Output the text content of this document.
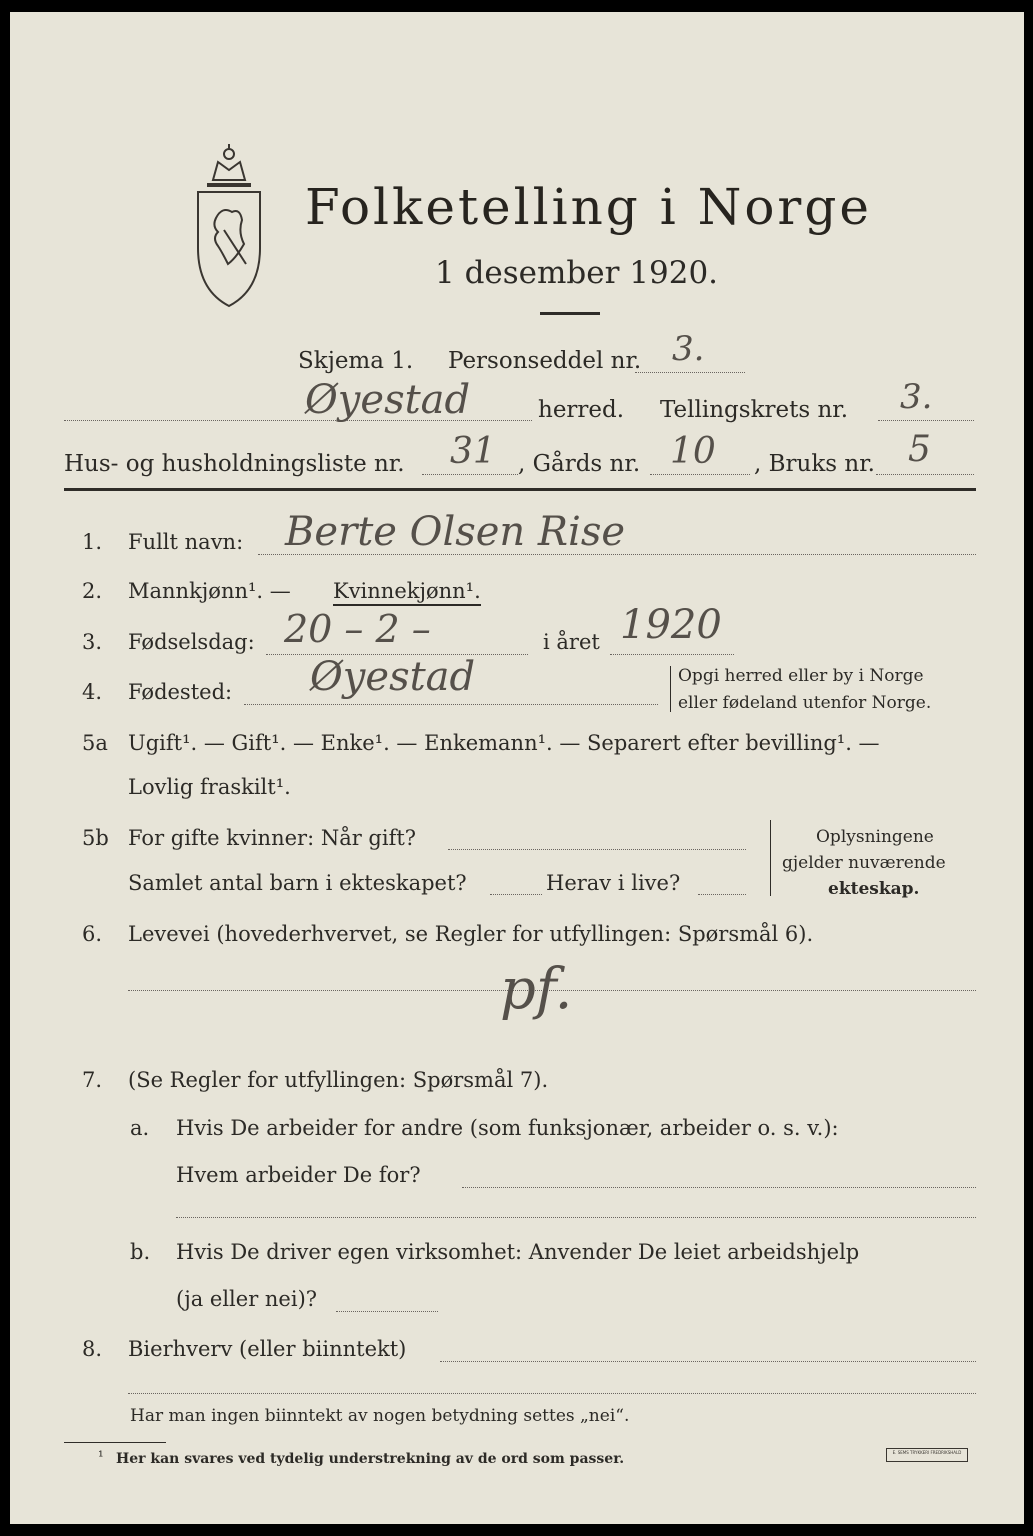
Folketelling i Norge
1 desember 1920.
Skjema 1. Personseddel nr. 3.
Øyestad	herred. Tellingskrets nr. 3.
Hus- og husholdningsliste nr. 31 , Gårds nr. 10 , Bruks nr. 5
1. Fullt navn: Berte Olsen Rise
2. Mannkjønn¹. — Kvinnekjønn¹.
3. Fødselsdag: 20 – 2 –	i året 1920
4. Fødested: Øyestad	Opgi herred eller by i Norge
eller fødeland utenfor Norge.
5a Ugift¹. — Gift¹. — Enke¹. — Enkemann¹. — Separert efter bevilling¹. —
Lovlig fraskilt¹.
5b For gifte kvinner: Når gift?
Samlet antal barn i ekteskapet?	Herav i live?
Oplysningene
gjelder nuværende
ekteskap.
6. Levevei (hovederhvervet, se Regler for utfyllingen: Spørsmål 6).
pf.
7. (Se Regler for utfyllingen: Spørsmål 7).
a. Hvis De arbeider for andre (som funksjonær, arbeider o. s. v.):
Hvem arbeider De for?
b. Hvis De driver egen virksomhet: Anvender De leiet arbeidshjelp
(ja eller nei)?
8. Bierhverv (eller biinntekt)
Har man ingen biinntekt av nogen betydning settes „nei“.
¹ Her kan svares ved tydelig understrekning av de ord som passer.	E. SEMS TRYKKERI FREDRIKSHALD
